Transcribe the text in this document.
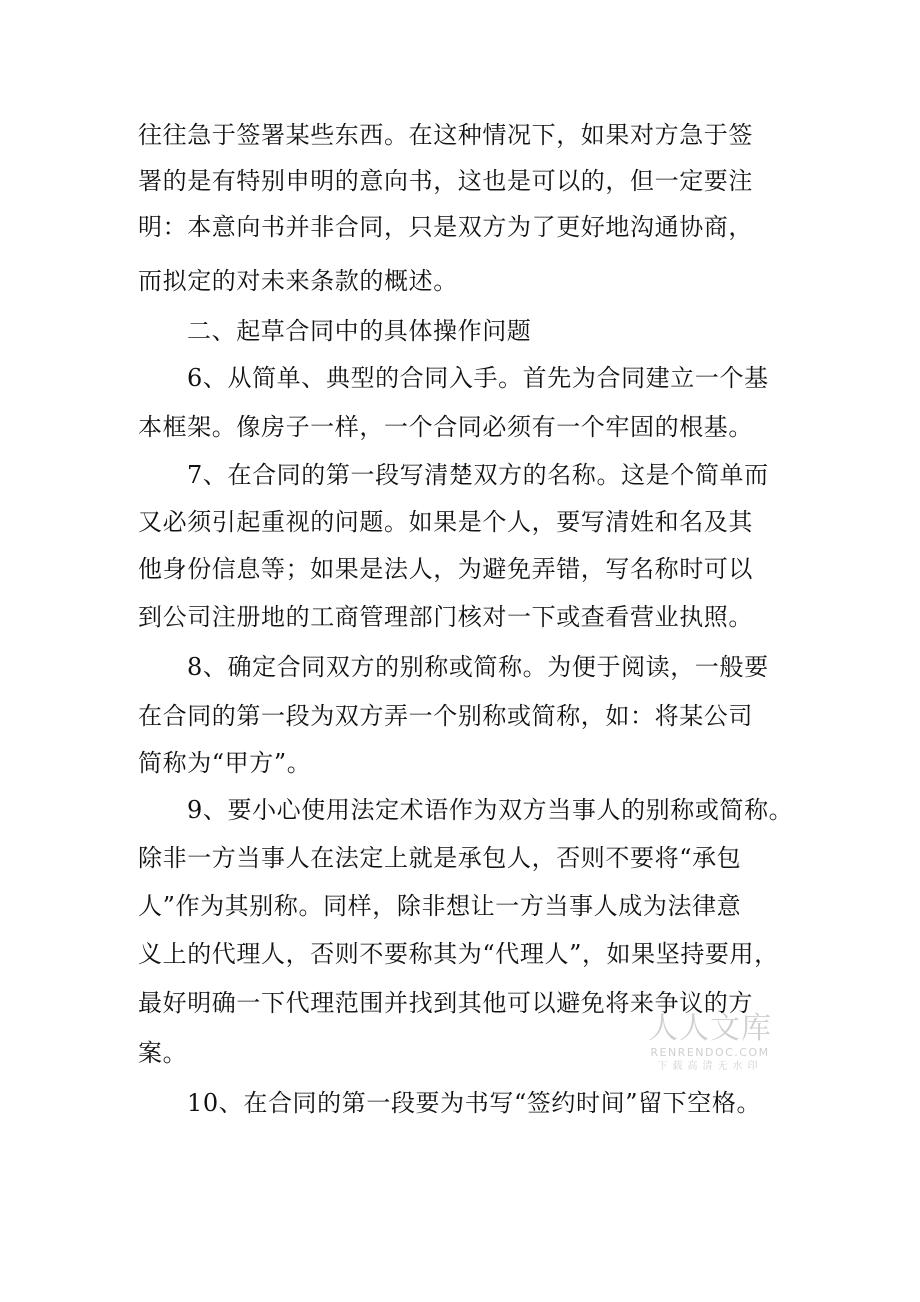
往往急于签署某些东西。在这种情况下，如果对方急于签
署的是有特别申明的意向书，这也是可以的，但一定要注
明：本意向书并非合同，只是双方为了更好地沟通协商，
而拟定的对未来条款的概述。
二、起草合同中的具体操作问题
6、从简单、典型的合同入手。首先为合同建立一个基
本框架。像房子一样，一个合同必须有一个牢固的根基。
7、在合同的第一段写清楚双方的名称。这是个简单而
又必须引起重视的问题。如果是个人，要写清姓和名及其
他身份信息等；如果是法人，为避免弄错，写名称时可以
到公司注册地的工商管理部门核对一下或查看营业执照。
8、确定合同双方的别称或简称。为便于阅读，一般要
在合同的第一段为双方弄一个别称或简称，如：将某公司
简称为“甲方”。
9、要小心使用法定术语作为双方当事人的别称或简称。
除非一方当事人在法定上就是承包人，否则不要将“承包
人”作为其别称。同样，除非想让一方当事人成为法律意
义上的代理人，否则不要称其为“代理人”，如果坚持要用，
最好明确一下代理范围并找到其他可以避免将来争议的方
案。
10、在合同的第一段要为书写“签约时间”留下空格。
人人文库
RENRENDOC.COM
下载高清无水印
